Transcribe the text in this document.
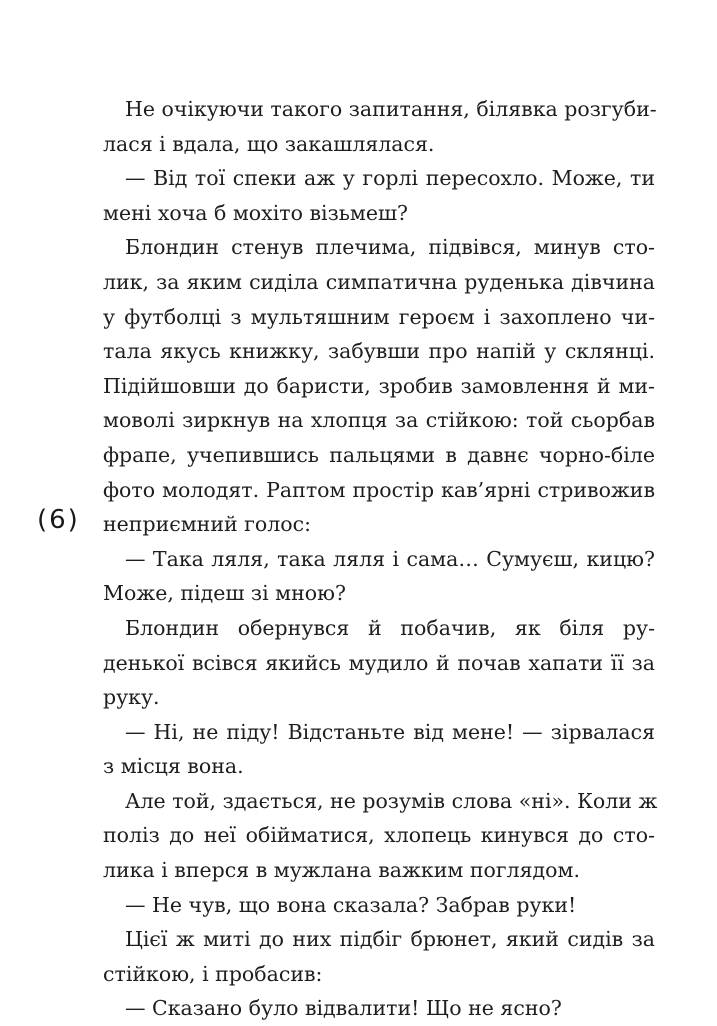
(6)
Не очікуючи такого запитання, білявка розгуби-
лася і вдала, що закашлялася.
— Від тої спеки аж у горлі пересохло. Може, ти
мені хоча б мохіто візьмеш?
Блондин стенув плечима, підвівся, минув сто-
лик, за яким сиділа симпатична руденька дівчина
у футболці з мультяшним героєм і захоплено чи-
тала якусь книжку, забувши про напій у склянці.
Підійшовши до баристи, зробив замовлення й ми-
моволі зиркнув на хлопця за стійкою: той сьорбав
фрапе, учепившись пальцями в давнє чорно-біле
фото молодят. Раптом простір кав’ярні стривожив
неприємний голос:
— Така ляля, така ляля і сама… Сумуєш, кицю?
Може, підеш зі мною?
Блондин обернувся й побачив, як біля ру-
денької всівся якийсь мудило й почав хапати її за
руку.
— Ні, не піду! Відстаньте від мене! — зірвалася
з місця вона.
Але той, здається, не розумів слова «ні». Коли ж
поліз до неї обійматися, хлопець кинувся до сто-
лика і вперся в мужлана важким поглядом.
— Не чув, що вона сказала? Забрав руки!
Цієї ж миті до них підбіг брюнет, який сидів за
стійкою, і пробасив:
— Сказано було відвалити! Що не ясно?
